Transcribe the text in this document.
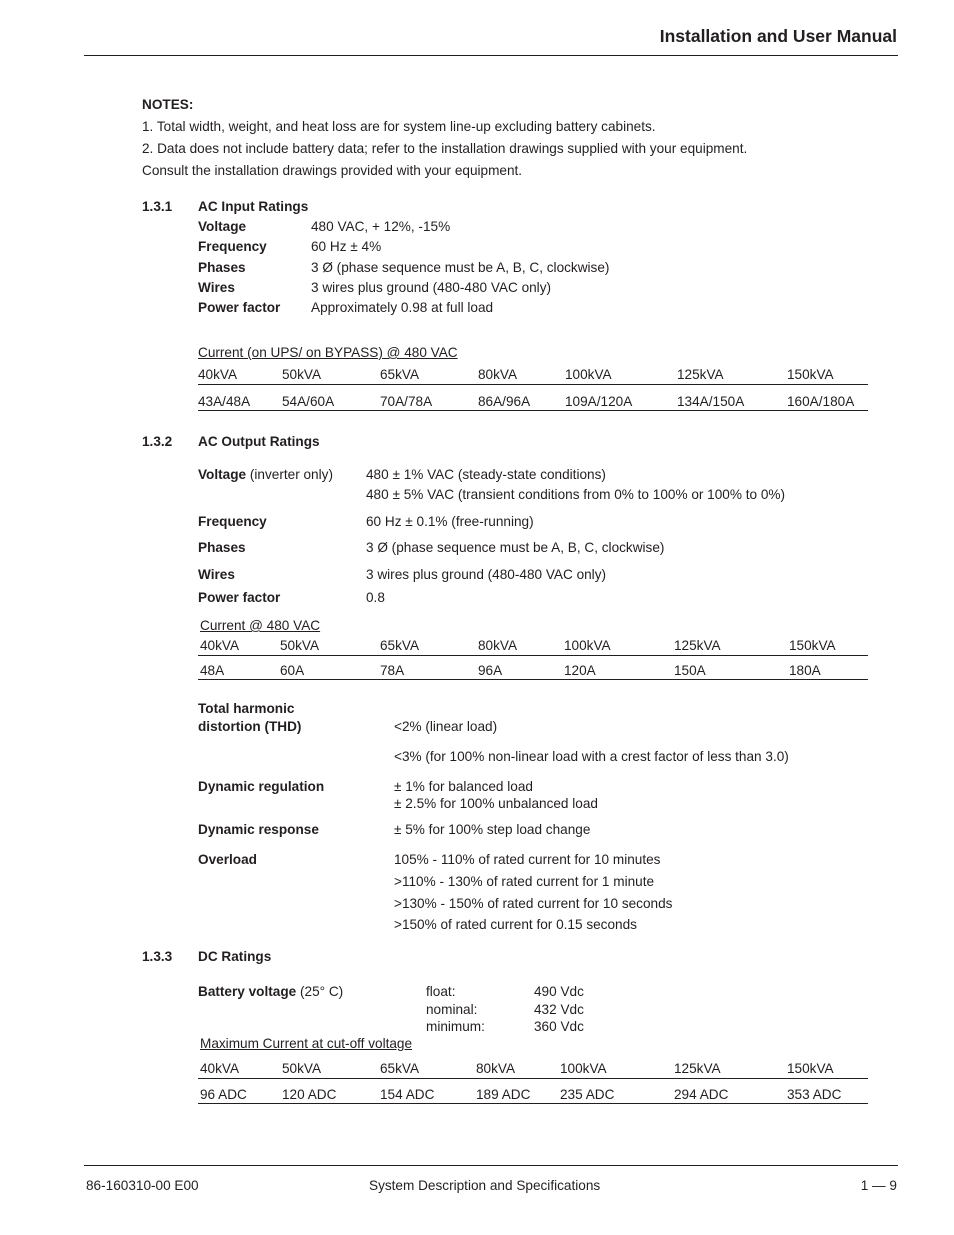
Installation and User Manual
NOTES:
1. Total width, weight, and heat loss are for system line-up excluding battery cabinets.
2. Data does not include battery data; refer to the installation drawings supplied with your equipment.
Consult the installation drawings provided with your equipment.
1.3.1 AC Input Ratings
Voltage	480 VAC, + 12%, -15%
Frequency	60 Hz ± 4%
Phases	3 Ø (phase sequence must be A, B, C, clockwise)
Wires	3 wires plus ground (480-480 VAC only)
Power factor Approximately 0.98 at full load
Current (on UPS/ on BYPASS) @ 480 VAC
40kVA	50kVA	65kVA	80kVA	100kVA	125kVA	150kVA
43A/48A 54A/60A	70A/78A	86A/96A	109A/120A	134A/150A	160A/180A
1.3.2 AC Output Ratings
Voltage (inverter only) 480 ± 1% VAC (steady-state conditions)
480 ± 5% VAC (transient conditions from 0% to 100% or 100% to 0%)
Frequency	60 Hz ± 0.1% (free-running)
Phases	3 Ø (phase sequence must be A, B, C, clockwise)
Wires	3 wires plus ground (480-480 VAC only)
Power factor	0.8
Current @ 480 VAC
40kVA	50kVA	65kVA	80kVA	100kVA	125kVA	150kVA
48A	60A	78A	96A	120A	150A	180A
Total harmonic
distortion (THD)	<2% (linear load)
<3% (for 100% non-linear load with a crest factor of less than 3.0)
Dynamic regulation	± 1% for balanced load
± 2.5% for 100% unbalanced load
Dynamic response	± 5% for 100% step load change
Overload	105% - 110% of rated current for 10 minutes
>110% - 130% of rated current for 1 minute
>130% - 150% of rated current for 10 seconds
>150% of rated current for 0.15 seconds
1.3.3 DC Ratings
Battery voltage (25° C)	float:	490 Vdc
nominal:	432 Vdc
minimum:	360 Vdc
Maximum Current at cut-off voltage
40kVA	50kVA	65kVA	80kVA	100kVA	125kVA	150kVA
96 ADC	120 ADC	154 ADC	189 ADC 235 ADC	294 ADC	353 ADC
86-160310-00 E00	System Description and Specifications	1 — 9
